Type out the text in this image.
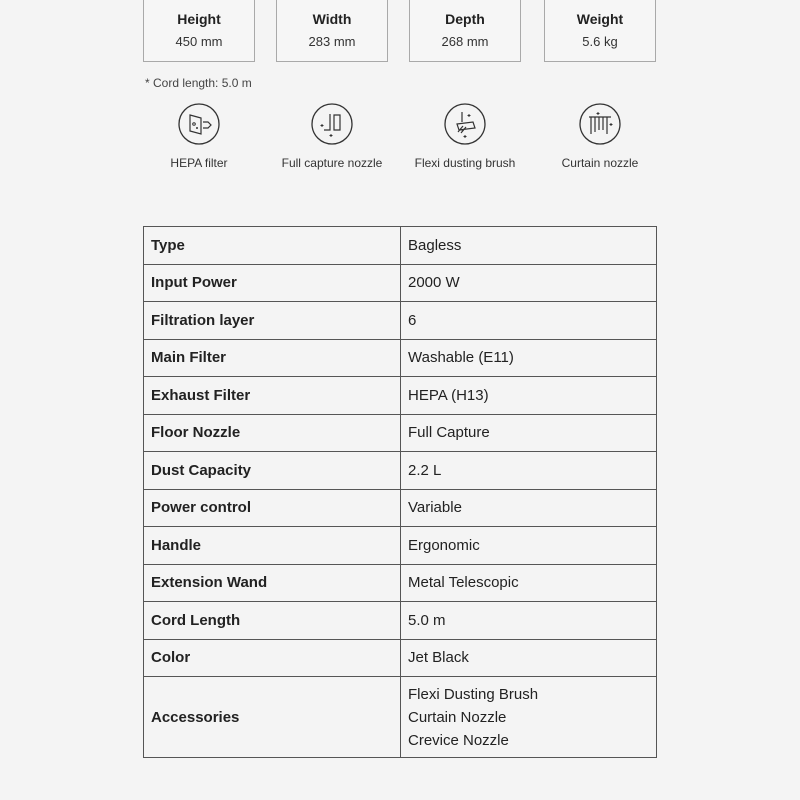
Height
450 mm
Width
283 mm
Depth
268 mm
Weight
5.6 kg
* Cord length: 5.0 m
HEPA filter	Full capture nozzle	Flexi dusting brush	Curtain nozzle
Type	Bagless
Input Power	2000 W
Filtration layer	6
Main Filter	Washable (E11)
Exhaust Filter	HEPA (H13)
Floor Nozzle	Full Capture
Dust Capacity	2.2 L
Power control	Variable
Handle	Ergonomic
Extension Wand	Metal Telescopic
Cord Length	5.0 m
Color	Jet Black
Accessories	Flexi Dusting Brush
Curtain Nozzle
Crevice Nozzle
